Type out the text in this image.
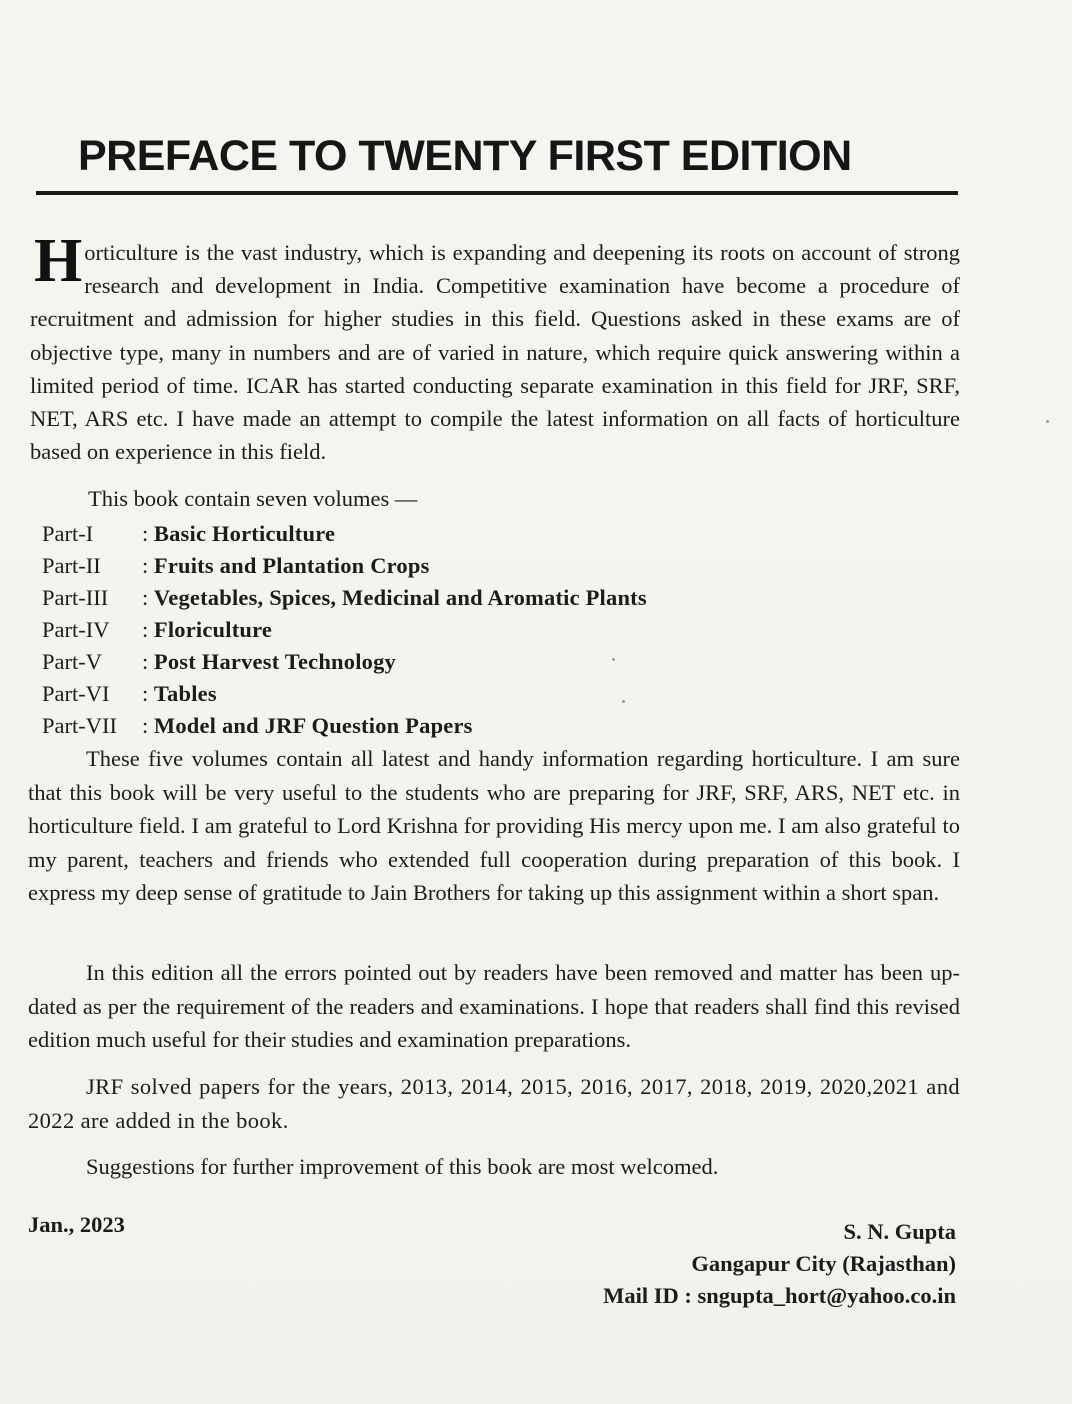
PREFACE TO TWENTY FIRST EDITION
Horticulture is the vast industry, which is expanding and deepening its roots on account of strong research and development in India. Competitive examination have become a procedure of recruitment and admission for higher studies in this field. Questions asked in these exams are of objective type, many in numbers and are of varied in nature, which require quick answering within a limited period of time. ICAR has started conducting separate examination in this field for JRF, SRF, NET, ARS etc. I have made an attempt to compile the latest information on all facts of horticulture based on experience in this field.
This book contain seven volumes —
Part-I : Basic Horticulture
Part-II : Fruits and Plantation Crops
Part-III : Vegetables, Spices, Medicinal and Aromatic Plants
Part-IV : Floriculture
Part-V : Post Harvest Technology
Part-VI : Tables
Part-VII : Model and JRF Question Papers
These five volumes contain all latest and handy information regarding horticulture. I am sure that this book will be very useful to the students who are preparing for JRF, SRF, ARS, NET etc. in horticulture field. I am grateful to Lord Krishna for providing His mercy upon me. I am also grateful to my parent, teachers and friends who extended full cooperation during preparation of this book. I express my deep sense of gratitude to Jain Brothers for taking up this assignment within a short span.
In this edition all the errors pointed out by readers have been removed and matter has been up-dated as per the requirement of the readers and examinations. I hope that readers shall find this revised edition much useful for their studies and examination preparations.
JRF solved papers for the years, 2013, 2014, 2015, 2016, 2017, 2018, 2019, 2020,2021 and 2022 are added in the book.
Suggestions for further improvement of this book are most welcomed.
Jan., 2023	S. N. Gupta
Gangapur City (Rajasthan)
Mail ID : sngupta_hort@yahoo.co.in
